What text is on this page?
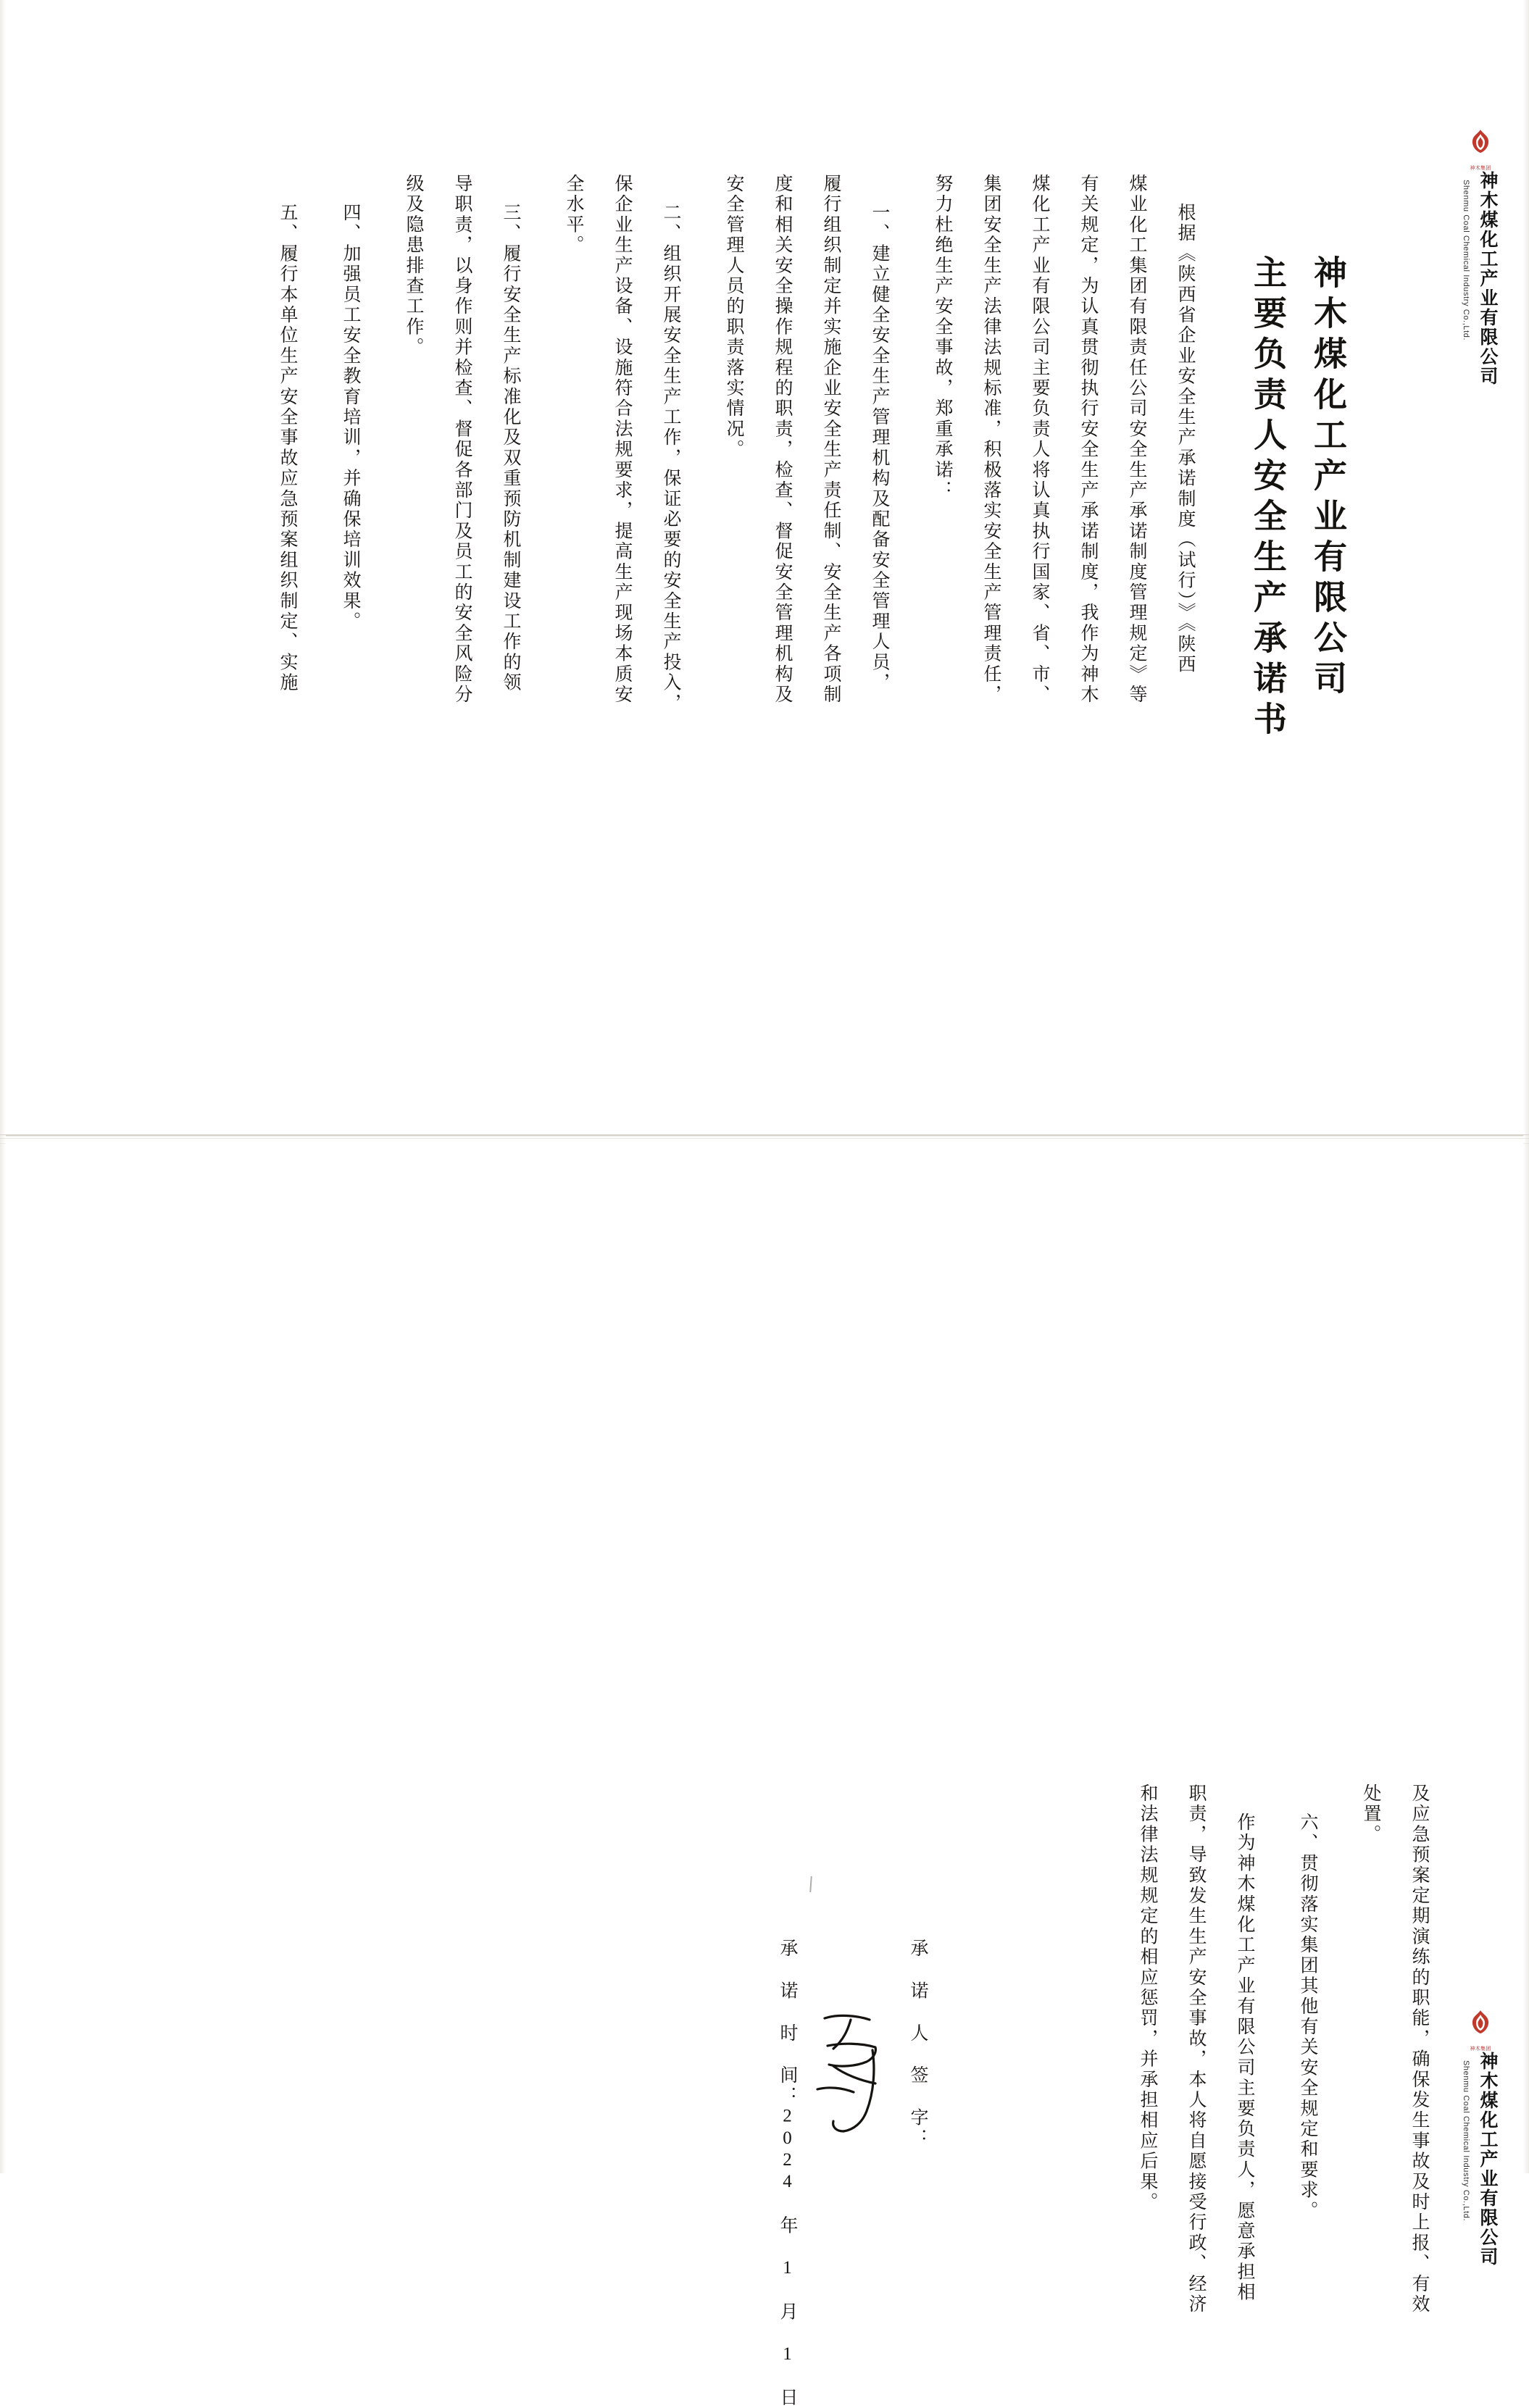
神木集团
神木煤化工产业有限公司
Shenmu Coal Chemical Industry Co.,Ltd.
神木煤化工产业有限公司
主要负责人安全生产承诺书
根据《陕西省企业安全生产承诺制度（试行）》《陕西
煤业化工集团有限责任公司安全生产承诺制度管理规定》等
有关规定，为认真贯彻执行安全生产承诺制度，我作为神木
煤化工产业有限公司主要负责人将认真执行国家、省、市、
集团安全生产法律法规标准，积极落实安全生产管理责任，
努力杜绝生产安全事故，郑重承诺：
一、建立健全安全生产管理机构及配备安全管理人员，
履行组织制定并实施企业安全生产责任制、安全生产各项制
度和相关安全操作规程的职责，检查、督促安全管理机构及
安全管理人员的职责落实情况。
二、组织开展安全生产工作，保证必要的安全生产投入，
保企业生产设备、设施符合法规要求，提高生产现场本质安
全水平。
三、履行安全生产标准化及双重预防机制建设工作的领
导职责，以身作则并检查、督促各部门及员工的安全风险分
级及隐患排查工作。
四、加强员工安全教育培训，并确保培训效果。
五、履行本单位生产安全事故应急预案组织制定、实施
神木集团
神木煤化工产业有限公司
Shenmu Coal Chemical Industry Co.,Ltd.
及应急预案定期演练的职能，确保发生事故及时上报、有效
处置。
六、贯彻落实集团其他有关安全规定和要求。
作为神木煤化工产业有限公司主要负责人，愿意承担相
职责，导致发生生产安全事故，本人将自愿接受行政、经济
和法律法规规定的相应惩罚，并承担相应后果。
承 诺 人 签 字：
承 诺 时 间：2024 年 1 月 1 日
